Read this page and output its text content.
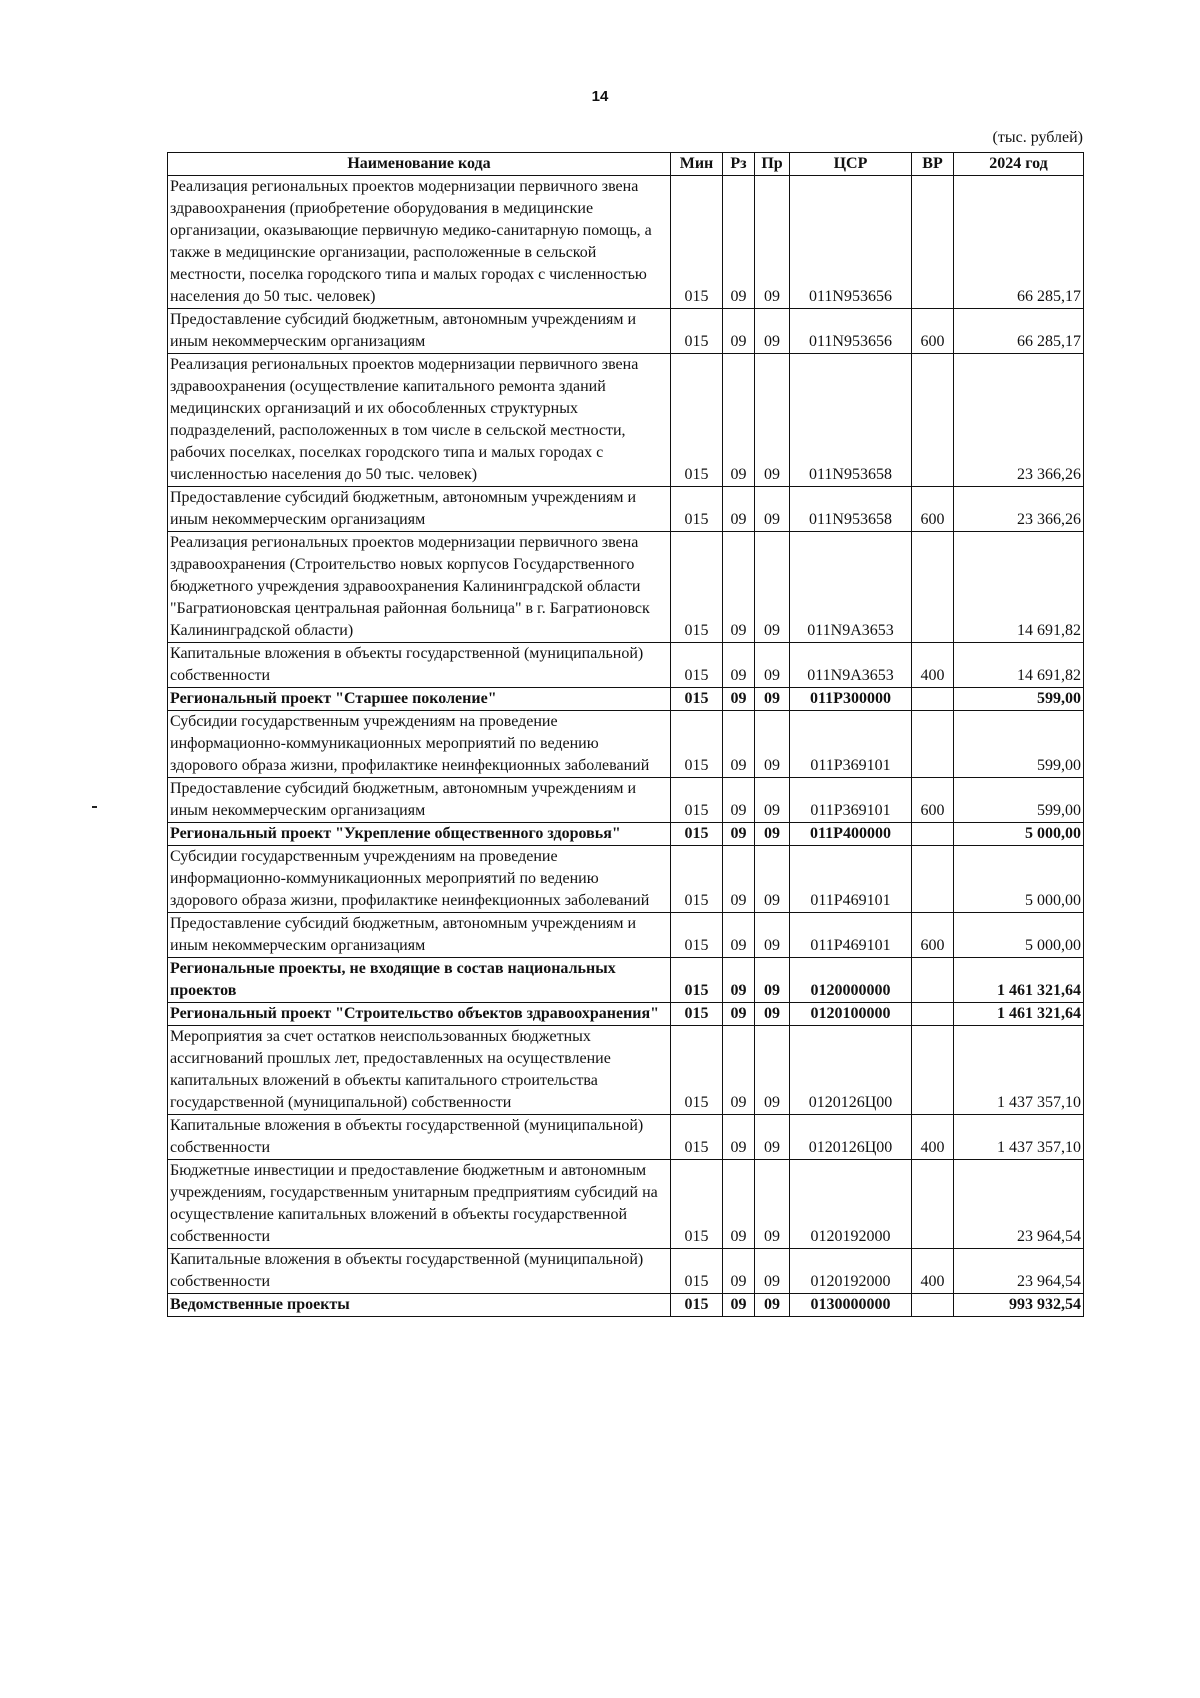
14
(тыс. рублей)
Наименование кода	Мин	Рз	Пр	ЦСР	ВР	2024 год
Реализация региональных проектов модернизации первичного звена здравоохранения (приобретение оборудования в медицинские организации, оказывающие первичную медико-санитарную помощь, а также в медицинские организации, расположенные в сельской местности, поселка городского типа и малых городах с численностью населения до 50 тыс. человек)	015	09	09	011N953656		66 285,17
Предоставление субсидий бюджетным, автономным учреждениям и иным некоммерческим организациям	015	09	09	011N953656	600	66 285,17
Реализация региональных проектов модернизации первичного звена здравоохранения (осуществление капитального ремонта зданий медицинских организаций и их обособленных структурных подразделений, расположенных в том числе в сельской местности, рабочих поселках, поселках городского типа и малых городах с численностью населения до 50 тыс. человек)	015	09	09	011N953658		23 366,26
Предоставление субсидий бюджетным, автономным учреждениям и иным некоммерческим организациям	015	09	09	011N953658	600	23 366,26
Реализация региональных проектов модернизации первичного звена здравоохранения (Строительство новых корпусов Государственного бюджетного учреждения здравоохранения Калининградской области "Багратионовская центральная районная больница" в г. Багратионовск Калининградской области)	015	09	09	011N9A3653		14 691,82
Капитальные вложения в объекты государственной (муниципальной) собственности	015	09	09	011N9A3653	400	14 691,82
Региональный проект "Старшее поколение"	015	09	09	011P300000		599,00
Субсидии государственным учреждениям на проведение информационно-коммуникационных мероприятий по ведению здорового образа жизни, профилактике неинфекционных заболеваний	015	09	09	011P369101		599,00
Предоставление субсидий бюджетным, автономным учреждениям и иным некоммерческим организациям	015	09	09	011P369101	600	599,00
Региональный проект "Укрепление общественного здоровья"	015	09	09	011P400000		5 000,00
Субсидии государственным учреждениям на проведение информационно-коммуникационных мероприятий по ведению здорового образа жизни, профилактике неинфекционных заболеваний	015	09	09	011P469101		5 000,00
Предоставление субсидий бюджетным, автономным учреждениям и иным некоммерческим организациям	015	09	09	011P469101	600	5 000,00
Региональные проекты, не входящие в состав национальных проектов	015	09	09	0120000000		1 461 321,64
Региональный проект "Строительство объектов здравоохранения"	015	09	09	0120100000		1 461 321,64
Мероприятия за счет остатков неиспользованных бюджетных ассигнований прошлых лет, предоставленных на осуществление капитальных вложений в объекты капитального строительства государственной (муниципальной) собственности	015	09	09	0120126Ц00		1 437 357,10
Капитальные вложения в объекты государственной (муниципальной) собственности	015	09	09	0120126Ц00	400	1 437 357,10
Бюджетные инвестиции и предоставление бюджетным и автономным учреждениям, государственным унитарным предприятиям субсидий на осуществление капитальных вложений в объекты государственной собственности	015	09	09	0120192000		23 964,54
Капитальные вложения в объекты государственной (муниципальной) собственности	015	09	09	0120192000	400	23 964,54
Ведомственные проекты	015	09	09	0130000000		993 932,54
